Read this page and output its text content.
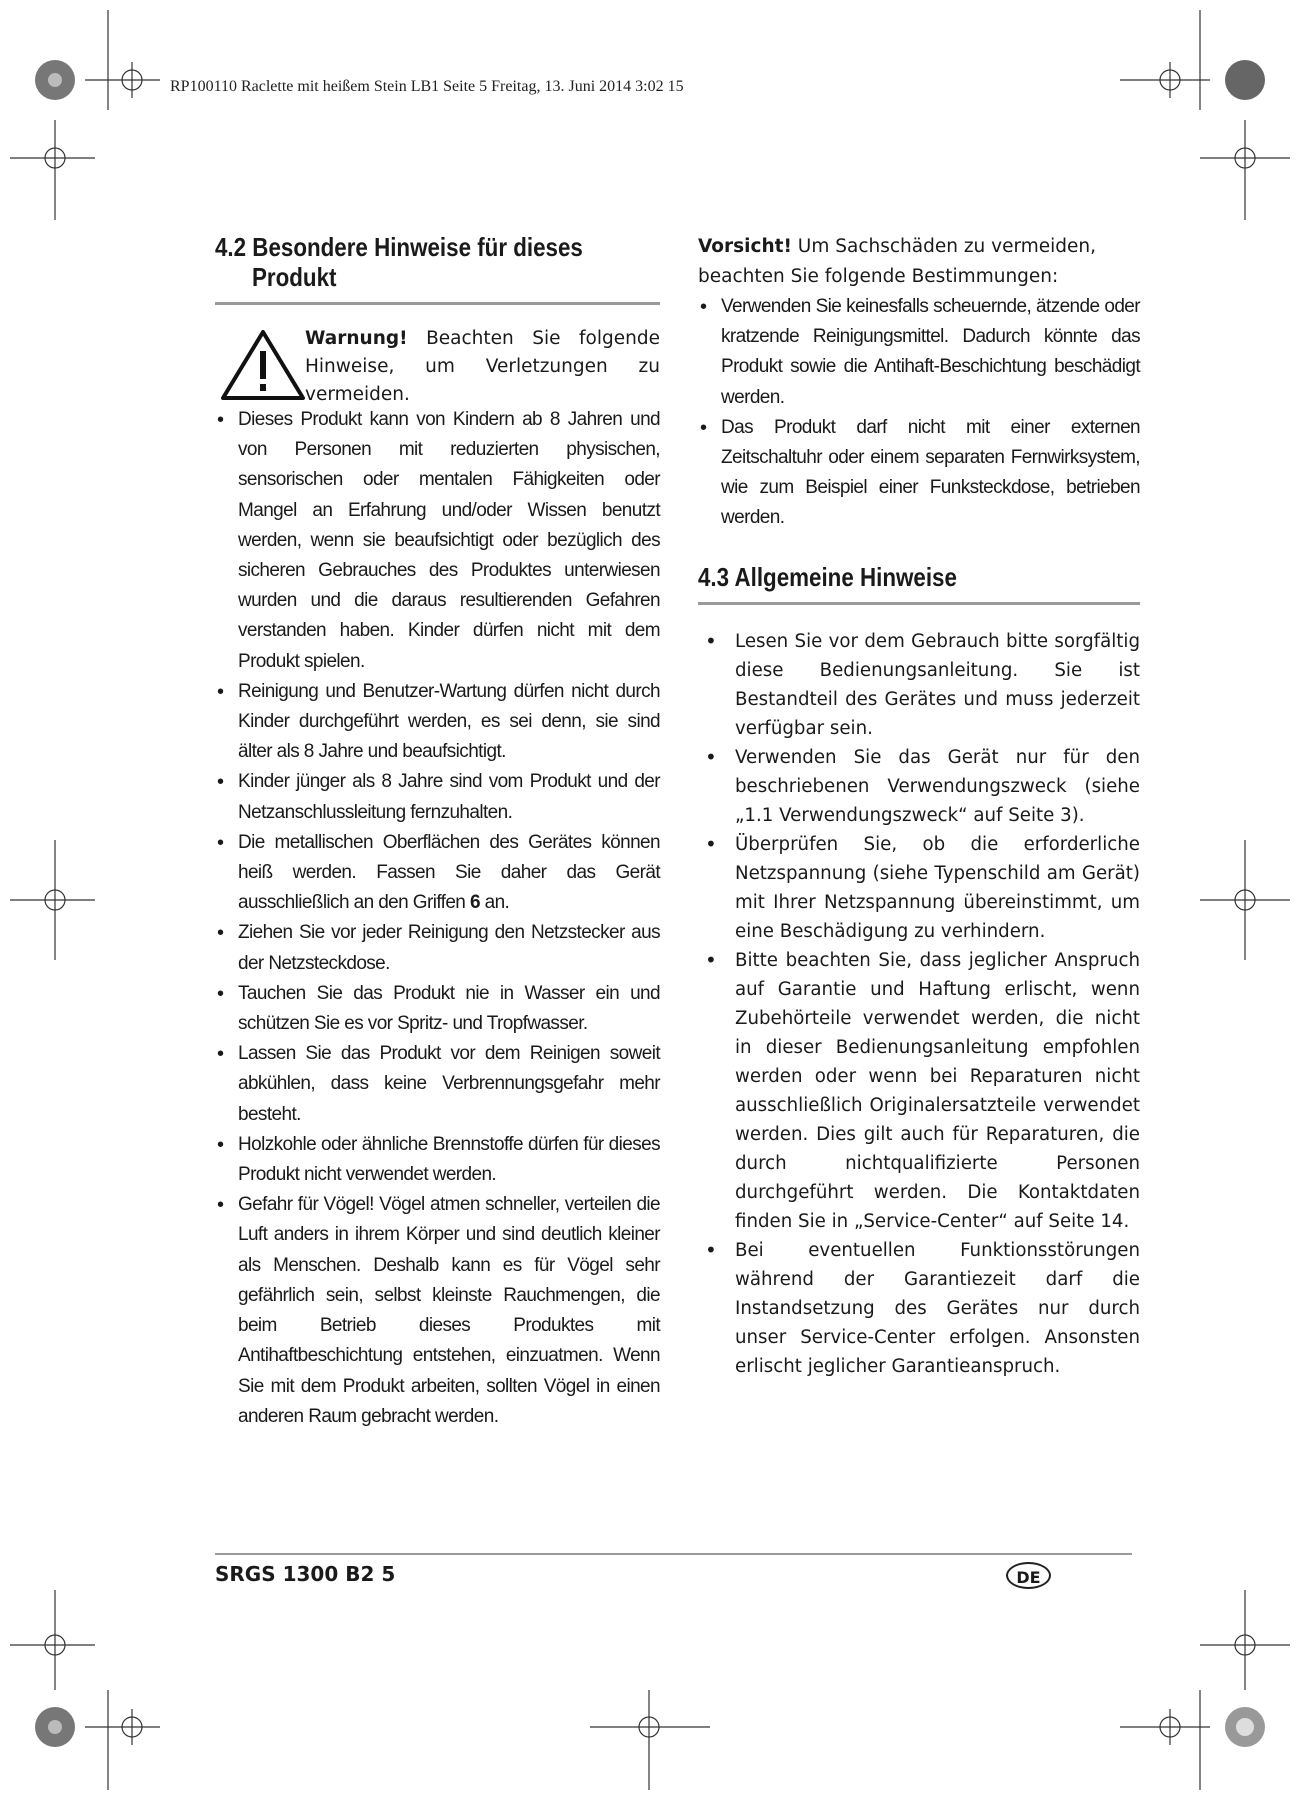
RP100110 Raclette mit heißem Stein LB1 Seite 5 Freitag, 13. Juni 2014 3:02 15
4.2 Besondere Hinweise für dieses
Produkt
Warnung! Beachten Sie folgende Hinweise, um Verletzungen zu vermeiden.
• Dieses Produkt kann von Kindern ab 8 Jahren und von Personen mit reduzierten physischen, sensorischen oder mentalen Fähigkeiten oder Mangel an Erfahrung und/oder Wissen benutzt werden, wenn sie beaufsichtigt oder bezüglich des sicheren Gebrauches des Produktes unterwiesen wurden und die daraus resultierenden Gefahren verstanden haben. Kinder dürfen nicht mit dem Produkt spielen.
• Reinigung und Benutzer-Wartung dürfen nicht durch Kinder durchgeführt werden, es sei denn, sie sind älter als 8 Jahre und beaufsichtigt.
• Kinder jünger als 8 Jahre sind vom Produkt und der Netzanschlussleitung fernzuhalten.
• Die metallischen Oberflächen des Gerätes können heiß werden. Fassen Sie daher das Gerät ausschließlich an den Griffen 6 an.
• Ziehen Sie vor jeder Reinigung den Netzstecker aus der Netzsteckdose.
• Tauchen Sie das Produkt nie in Wasser ein und schützen Sie es vor Spritz- und Tropfwasser.
• Lassen Sie das Produkt vor dem Reinigen soweit abkühlen, dass keine Verbrennungsgefahr mehr besteht.
• Holzkohle oder ähnliche Brennstoffe dürfen für dieses Produkt nicht verwendet werden.
• Gefahr für Vögel! Vögel atmen schneller, verteilen die Luft anders in ihrem Körper und sind deutlich kleiner als Menschen. Deshalb kann es für Vögel sehr gefährlich sein, selbst kleinste Rauchmengen, die beim Betrieb dieses Produktes mit Antihaftbeschichtung entstehen, einzuatmen. Wenn Sie mit dem Produkt arbeiten, sollten Vögel in einen anderen Raum gebracht werden.
Vorsicht! Um Sachschäden zu vermeiden, beachten Sie folgende Bestimmungen:
• Verwenden Sie keinesfalls scheuernde, ätzende oder kratzende Reinigungsmittel. Dadurch könnte das Produkt sowie die Antihaft-Beschichtung beschädigt werden.
• Das Produkt darf nicht mit einer externen Zeitschaltuhr oder einem separaten Fernwirksystem, wie zum Beispiel einer Funksteckdose, betrieben werden.
4.3 Allgemeine Hinweise
• Lesen Sie vor dem Gebrauch bitte sorgfältig diese Bedienungsanleitung. Sie ist Bestandteil des Gerätes und muss jederzeit verfügbar sein.
• Verwenden Sie das Gerät nur für den beschriebenen Verwendungszweck (siehe „1.1 Verwendungszweck“ auf Seite 3).
• Überprüfen Sie, ob die erforderliche Netzspannung (siehe Typenschild am Gerät) mit Ihrer Netzspannung übereinstimmt, um eine Beschädigung zu verhindern.
• Bitte beachten Sie, dass jeglicher Anspruch auf Garantie und Haftung erlischt, wenn Zubehörteile verwendet werden, die nicht in dieser Bedienungsanleitung empfohlen werden oder wenn bei Reparaturen nicht ausschließlich Originalersatzteile verwendet werden. Dies gilt auch für Reparaturen, die durch nichtqualifizierte Personen durchgeführt werden. Die Kontaktdaten finden Sie in „Service-Center“ auf Seite 14.
• Bei eventuellen Funktionsstörungen während der Garantiezeit darf die Instandsetzung des Gerätes nur durch unser Service-Center erfolgen. Ansonsten erlischt jeglicher Garantieanspruch.
SRGS 1300 B2 5	DE
